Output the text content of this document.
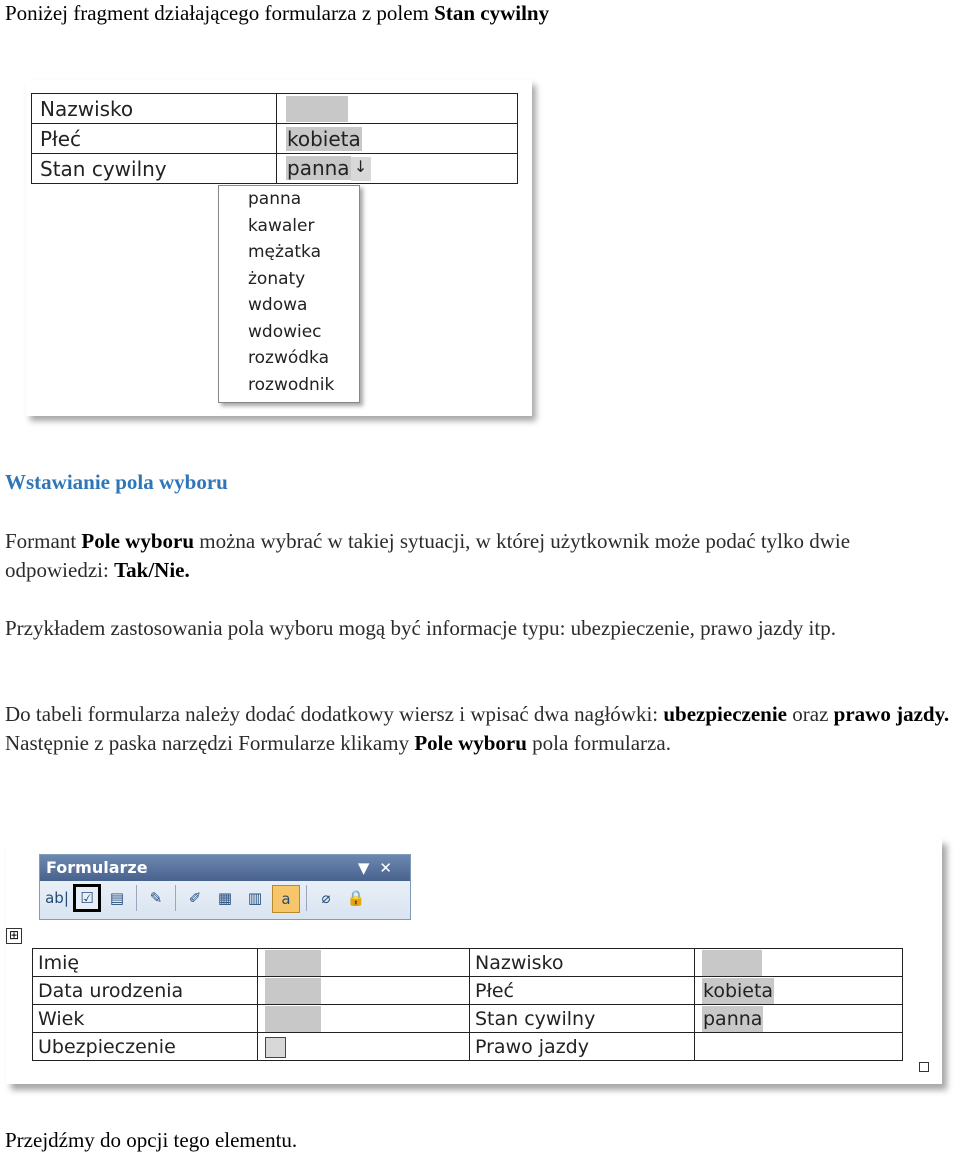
Poniżej fragment działającego formularza z polem Stan cywilny
Nazwisko	
Płeć	kobieta
Stan cywilny	panna ↓
panna
kawaler
mężatka
żonaty
wdowa
wdowiec
rozwódka
rozwodnik
Wstawianie pola wyboru
Formant Pole wyboru można wybrać w takiej sytuacji, w której użytkownik może podać tylko dwie odpowiedzi: Tak/Nie.
Przykładem zastosowania pola wyboru mogą być informacje typu: ubezpieczenie, prawo jazdy itp.
Do tabeli formularza należy dodać dodatkowy wiersz i wpisać dwa nagłówki: ubezpieczenie oraz prawo jazdy. Następnie z paska narzędzi Formularze klikamy Pole wyboru pola formularza.
Formularze	▼✕
ab| ☑	▤	✎	✐	▦	▥	a	⌀	🔒
⊞
Imię		Nazwisko	
Data urodzenia		Płeć	kobieta
Wiek		Stan cywilny	panna
Ubezpieczenie		Prawo jazdy	
Przejdźmy do opcji tego elementu.
